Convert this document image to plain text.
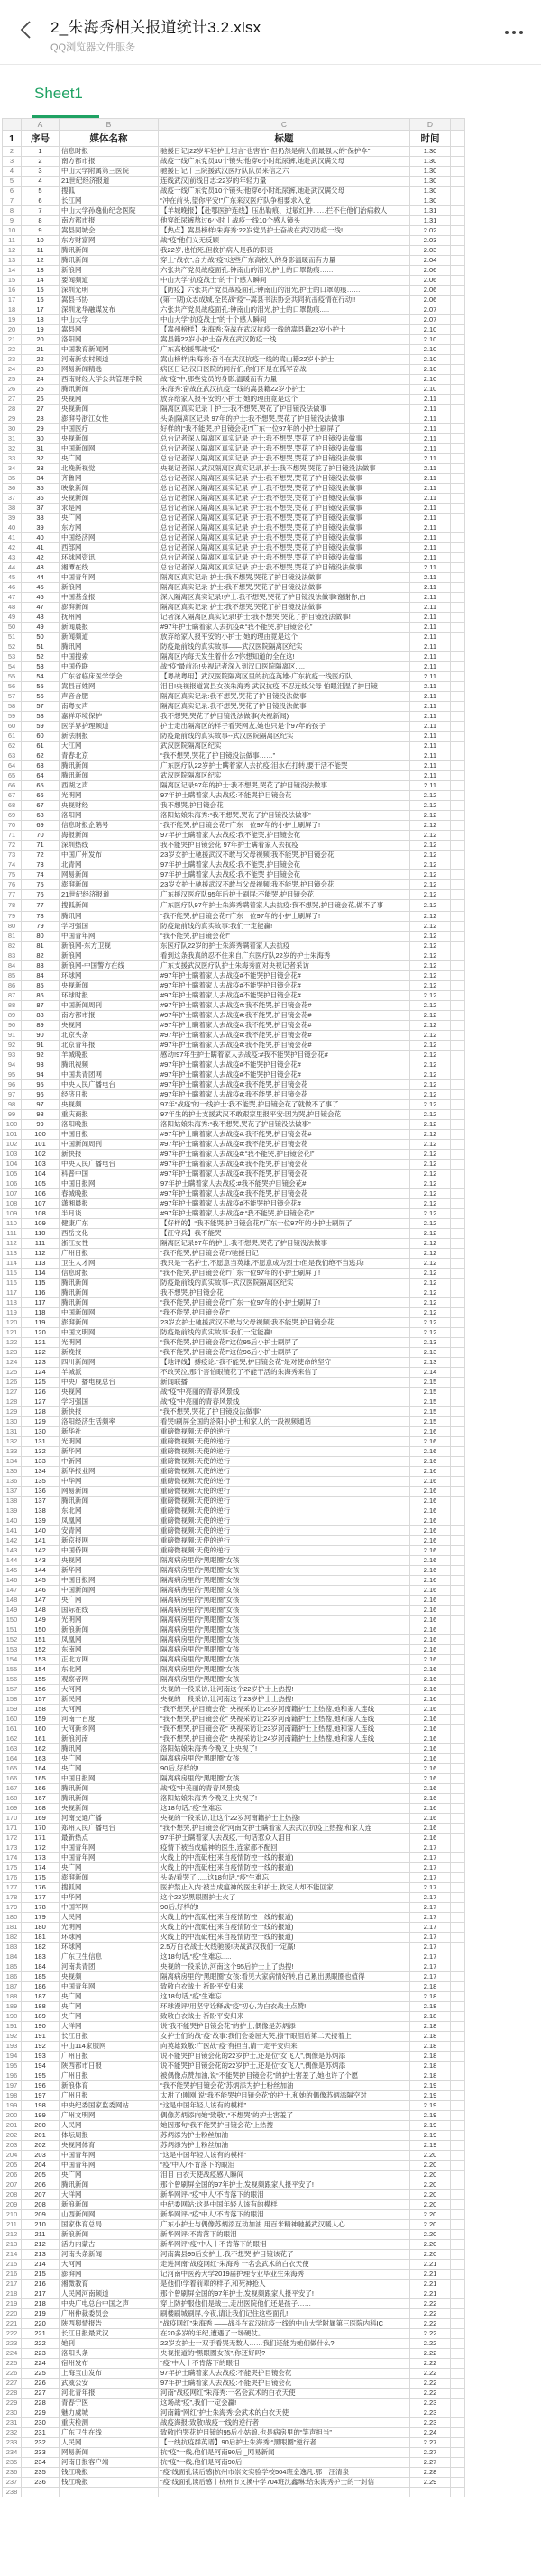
2_朱海秀相关报道统计3.2.xlsx
QQ浏览器文件服务
Sheet1
	A	B	C	D	
1	序号	媒体名称	标题	时间	
2	1	信息时报	驰援日记|22岁年轻护士坦言“也害怕” 但仍然是病人们最强大的“保护伞”	1.30	
3	2	南方都市报	战疫一线广东党员10个镜头:他穿6小时纸尿裤,她赴武汉瞒父母	1.30	
4	3	中山大学附属第三医院	驰援日记丨三院援武汉医疗队队员来信之六	1.30	
5	4	21世纪经济报道	连线武汉|前线日志:22岁的年轻力量	1.30	
6	5	搜狐	战疫一线广东党员10个镜头:他穿6小时纸尿裤,她赴武汉瞒父母	1.30	
7	6	长江网	“冲在前头,望你平安!”广东来汉医疗队争相要求入党	1.30	
8	7	中山大学孙逸仙纪念医院	【羊城晚报】【赴鄂医护连线】压出勒痕、过敏红肿……拦不住他们治病救人	1.31	
9	8	南方都市报	他穿纸尿裤熬过6小时丨战疫一线10个感人镜头	1.31	
10	9	嵩县同城会	【热点】嵩县榜样!朱海秀:22岁党员护士奋战在武汉防疫一线!	2.02	
11	10	东方财富网	战“疫”他们义无反顾	2.03	
12	11	腾讯新闻	我22岁,也怕死,但救护病人是我的职责	2.03	
13	12	腾讯新闻	穿上“战衣”,合力战“疫”!这些广东高校人的身影温暖而有力量	2.04	
14	13	新浪网	六张共产党员战疫面孔:钟南山的泪光,护士的口罩勒痕……	2.06	
15	14	要闻频道	中山大学“抗疫战士”的十个感人瞬间	2.06	
16	15	深圳光明	【防疫】六张共产党员战疫面孔:钟南山的泪光,护士的口罩勒痕……	2.06	
17	16	嵩县书协	(第一期)众志成城,全民战“疫”--嵩县书法协会共同抗击疫情在行动!!	2.06	
18	17	深圳龙华融媒发布	六张共产党员战疫面孔:钟南山的泪光,护士的口罩勒痕.....	2.07	
19	18	中山大学	中山大学“抗疫战士”的十个感人瞬间	2.07	
20	19	嵩县网	【嵩州榜样】朱海秀:奋战在武汉抗疫一线的嵩县籍22岁小护士	2.10	
21	20	洛阳网	嵩县籍22岁小护士奋战在武汉防疫一线	2.10	
22	21	中国教育新闻网	广东高校援鄂战“疫”	2.10	
23	22	河南新农村频道	嵩山榜样|朱海秀:奋斗在武汉抗疫一线的嵩山籍22岁小护士	2.10	
24	23	网易新闻精选	病区日记:汉口医院的同行们,你们不是在孤军奋战	2.10	
25	24	西南财经大学公共管理学院	战“疫”中,那些党员的身影,温暖而有力量	2.10	
26	25	腾讯新闻	朱海秀:奋战在武汉抗疫一线的嵩县籍22岁小护士	2.10	
27	26	央视网	放弃给家人报平安的小护士 她的理由竟是这个	2.11	
28	27	央视新闻	隔离区真实记录丨护士:我不想哭,哭花了护目镜没法做事	2.11	
29	28	澎湃号浙江女性	头条|隔离区记录 97年的护士:我不想哭,哭花了护目镜没法做事	2.11	
30	29	中国医疗	好样的|“我不能哭,护目镜会花!”广东一位97年的小护士刷屏了	2.11	
31	30	央视新闻	总台记者深入隔离区真实记录 护士:我不想哭,哭花了护目镜没法做事	2.11	
32	31	中国新闻网	总台记者深入隔离区真实记录 护士:我不想哭,哭花了护目镜没法做事	2.11	
33	32	央广网	总台记者深入隔离区真实记录 护士:我不想哭,哭花了护目镜没法做事	2.11	
34	33	北晚新视觉	央视记者深入武汉隔离区真实记录,护士:我不想哭,哭花了护目镜没法做事	2.11	
35	34	齐鲁网	总台记者深入隔离区真实记录 护士:我不想哭,哭花了护目镜没法做事	2.11	
36	35	映象新闻	总台记者深入隔离区真实记录 护士:我不想哭,哭花了护目镜没法做事	2.11	
37	36	央视新闻	总台记者深入隔离区真实记录 护士:我不想哭,哭花了护目镜没法做事	2.11	
38	37	求是网	总台记者深入隔离区真实记录 护士:我不想哭,哭花了护目镜没法做事	2.11	
39	38	央广网	总台记者深入隔离区真实记录 护士:我不想哭,哭花了护目镜没法做事	2.11	
40	39	东方网	总台记者深入隔离区真实记录 护士:我不想哭,哭花了护目镜没法做事	2.11	
41	40	中国经济网	总台记者深入隔离区真实记录 护士:我不想哭,哭花了护目镜没法做事	2.11	
42	41	西部网	总台记者深入隔离区真实记录 护士:我不想哭,哭花了护目镜没法做事	2.11	
43	42	环球网资讯	总台记者深入隔离区真实记录 护士:我不想哭,哭花了护目镜没法做事	2.11	
44	43	湘潭在线	总台记者深入隔离区真实记录 护士:我不想哭,哭花了护目镜没法做事	2.11	
45	44	中国青年网	隔离区真实记录 护士:我不想哭,哭花了护目镜没法做事	2.11	
46	45	新浪网	隔离区真实记录 护士:我不想哭,哭花了护目镜没法做事	2.11	
47	46	中国基金报	深入隔离区真实记录!护士:我不想哭,哭花了护目镜没法做事!谢谢你,白	2.11	
48	47	澎湃新闻	隔离区真实记录 护士:我不想哭,哭花了护目镜没法做事	2.11	
49	48	抚州网	记者深入隔离区真实记录!护士:我不想哭,哭花了护目镜没法做事!	2.11	
50	49	新闻晨报	#97年护士瞒着家人去抗疫#:“我不能哭,护目镜会花”	2.11	
51	50	新闻频道	放弃给家人报平安的小护士 她的理由竟是这个	2.11	
52	51	腾讯网	防疫最前线的真实故事——武汉医院隔离区纪实	2.11	
53	52	中国搜索	隔离区内每天发生着什么?你想知道的全在这!	2.11	
54	53	中国侨联	战“疫”最前沿!央视记者深入到汉口医院隔离区.....	2.11	
55	54	广东省临床医学学会	【粤战粤用】武汉医院隔离区里的抗疫英雄-广东抗疫一线医疗队	2.11	
56	55	嵩县百姓网	泪目!央视报道嵩县女孩朱海秀 武汉抗疫 不忍连线父母 怕眼泪湿了护目镜	2.11	
57	56	声音合肥	隔离区真实记录:我不想哭,哭花了护目镜没法做事	2.11	
58	57	南粤女声	隔离区真实记录:我不想哭,哭花了护目镜没法做事	2.11	
59	58	嘉祥环境保护	我不想哭,哭花了护目镜没法做事(央视新闻)	2.11	
60	59	医学界护理频道	护士走出隔离区的样子看哭网友,她也只是个97年的孩子	2.11	
61	60	新法制报	防疫最前线的真实故事--武汉医院隔离区纪实	2.11	
62	61	大江网	武汉医院隔离区纪实	2.11	
63	62	青春北京	“我不想哭,哭花了护目镜没法做事……”	2.11	
64	63	腾讯新闻	广东医疗队22岁护士瞒着家人去抗疫:泪水在打转,要干活不能哭	2.11	
65	64	腾讯新闻	武汉医院隔离区纪实	2.11	
66	65	西湖之声	隔离区记录97年的护士:我不想哭,哭花了护目镜没法做事	2.11	
67	66	光明网	97年护士瞒着家人去战疫:不能哭护目镜会花	2.12	
68	67	央视财经	我不想哭,护目镜会花	2.12	
69	68	洛阳网	洛阳姑娘朱海秀:“我不想哭,哭花了护目镜没法做事”	2.12	
70	69	信息时报企鹅号	“我不能哭,护目镜会花!”广东一位97年的小护士刷屏了!	2.12	
71	70	海报新闻	97年护士瞒着家人去战疫:我不能哭,护目镜会花	2.12	
72	71	深圳热线	我不能哭护目镜会花 97年护士瞒着家人去抗疫	2.12	
73	72	中国广州发布	23岁女护士驰援武汉不敢与父母视频:我不能哭,护目镜会花	2.12	
74	73	北青网	97年护士瞒着家人去战疫:我不能哭,护目镜会花	2.12	
75	74	网易新闻	97年护士瞒着家人去战疫:我不能哭 护目镜会花	2.12	
76	75	澎湃新闻	23岁女护士驰援武汉不敢与父母视频:我不能哭,护目镜会花	2.12	
77	76	21世纪经济报道	广东援汉医疗队95年后护士刷屏:不能哭,护目镜会花	2.12	
78	77	搜狐新闻	广东医疗队97年护士朱海秀瞒着家人去抗疫:我不想哭,护目镜会花,做不了事	2.12	
79	78	腾讯网	“我不能哭,护目镜会花!”广东一位97年的小护士刷屏了!	2.12	
80	79	学习强国	防疫最前线的真实故事:我们一定能赢!	2.12	
81	80	中国青年网	“我不能哭,护目镜会花!”	2.12	
82	81	新浪网-东方卫视	东医疗队22岁的护士朱海秀瞒着家人去抗疫	2.12	
83	82	新浪网	看到这条我真的忍不住来自广东医疗队22岁的护士朱海秀	2.12	
84	83	新浪网-中国警方在线	广东支援武汉医疗队护士朱海秀面对央视记者采访	2.12	
85	84	环球网	#97年护士瞒着家人去战疫#不能哭护目镜会花#	2.12	
86	85	央视新闻	#97年护士瞒着家人去战疫#不能哭护目镜会花#	2.12	
87	86	环球时报	#97年护士瞒着家人去战疫#不能哭护目镜会花#	2.12	
88	87	中国新闻周刊	#97年护士瞒着家人去战疫#:我不能哭,护目镜会花#	2.12	
89	88	南方都市报	#97年护士瞒着家人去战疫#:我不能哭,护目镜会花#	2.12	
90	89	央视网	#97年护士瞒着家人去战疫#:我不能哭,护目镜会花#	2.12	
91	90	北京头条	#97年护士瞒着家人去战疫#:我不能哭,护目镜会花#	2.12	
92	91	北京青年报	#97年护士瞒着家人去战疫#:我不能哭,护目镜会花#	2.12	
93	92	羊城晚报	感动!97年生护士瞒着家人去战疫:#我不能哭护目镜会花#	2.12	
94	93	腾讯视频	#97年护士瞒着家人去战疫#不能哭护目镜会花#	2.12	
95	94	中国共青团网	#97年护士瞒着家人去战疫#不能哭护目镜会花#	2.12	
96	95	中央人民广播电台	#97年护士瞒着家人去战疫#:我不能哭,护目镜会花	2.12	
97	96	经济日报	#97年护士瞒着家人去战疫#:我不能哭,护目镜会花	2.12	
98	97	央视频	97年“战疫”的一线护士:我不能哭,护目镜会花了就做不了事了	2.12	
99	98	重庆商报	97年生的护士支援武汉不敢跟家里报平安:因为哭,护目镜会花	2.12	
100	99	洛阳晚报	洛阳姑娘朱海秀:“我不想哭,哭花了护目镜没法做事”	2.12	
101	100	中国日报	#97年护士瞒着家人去战疫#:我不能哭,护目镜会花#	2.12	
102	101	中国新闻周刊	#97年护士瞒着家人去战疫#:我不能哭,护目镜会花	2.12	
103	102	新快报	#97年护士瞒着家人去战疫#:“我不能哭,护目镜会花!”	2.12	
104	103	中央人民广播电台	#97年护士瞒着家人去战疫#:我不能哭,护目镜会花	2.12	
105	104	科普中国	#97年护士瞒着家人去战疫#:我不能哭,护目镜会花	2.12	
106	105	中国日报网	97年护士瞒着家人去战疫:#我不能哭护目镜会花#	2.12	
107	106	春城晚报	#97年护士瞒着家人去战疫#:我不能哭,护目镜会花	2.12	
108	107	潇湘晨报	#97年护士瞒着家人去战疫#不能哭护目镜会花#	2.12	
109	108	半月谈	#97年护士瞒着家人去战疫#:“我不能哭,护目镜会花!”	2.12	
110	109	健康广东	【好样的】“我不能哭,护目镜会花!”广东一位97年的小护士刷屏了	2.12	
111	110	西岳文化	【汪守兵】我不能哭	2.12	
112	111	浙江女性	隔离区记录97年的护士:我不想哭,哭花了护目镜没法做事	2.12	
113	112	广州日报	“我不能哭,护目镜会花!”/驰援日记	2.12	
114	113	卫生人才网	我只是一名护士,不愿意当英雄,不愿意成为烈士!但是我们绝不当逃兵!	2.12	
115	114	信息时报	“我不能哭,护目镜会花!”广东一位97年的小护士刷屏了!	2.12	
116	115	腾讯新闻	防疫最前线的真实故事--武汉医院隔离区纪实	2.12	
117	116	腾讯新闻	我不想哭,护目镜会花	2.12	
118	117	腾讯新闻	“我不能哭,护目镜会花!”广东一位97年的小护士刷屏了!	2.12	
119	118	中国新闻网	“我不能哭,护目镜会花!”	2.12	
120	119	澎湃新闻	23岁女护士驰援武汉不敢与父母视频:我不能哭,护目镜会花	2.12	
121	120	中国文明网	防疫最前线的真实故事:我们一定能赢!	2.12	
122	121	光明网	“我不能哭,护目镜会花!”这位95后小护士刷屏了	2.13	
123	122	新晚报	“我不能哭,护目镜会花!”这位96后小护士刷屏了	2.13	
124	123	四川新闻网	【地评线】搏疫论:“我不能哭,护目镜会花”是对使命的坚守	2.13	
125	124	羊城派	不敢哭泣,那个害怕眼镜花了不能干活的朱海秀来信了	2.14	
126	125	中央广播电视总台	新闻联播	2.15	
127	126	央视网	战“疫”中亮丽的青春风景线	2.15	
128	127	学习强国	战“疫”中亮丽的青春风景线	2.15	
129	128	新快报	“我不想哭,哭花了护目镜没法做事”	2.15	
130	129	洛阳经济生活频率	看哭!刷屏全国的洛阳小护士和家人的一段视频通话	2.15	
131	130	新华社	重磅微视频:天使的逆行	2.16	
132	131	光明网	重磅微视频:天使的逆行	2.16	
133	132	新华网	重磅微视频:天使的逆行	2.16	
134	133	中新网	重磅微视频:天使的逆行	2.16	
135	134	新华报业网	重磅微视频:天使的逆行	2.16	
136	135	中华网	重磅微视频:天使的逆行	2.16	
137	136	网易新闻	重磅微视频:天使的逆行	2.16	
138	137	腾讯新闻	重磅微视频:天使的逆行	2.16	
139	138	东北网	重磅微视频:天使的逆行	2.16	
140	139	凤凰网	重磅微视频:天使的逆行	2.16	
141	140	安青网	重磅微视频:天使的逆行	2.16	
142	141	新京报网	重磅微视频:天使的逆行	2.16	
143	142	中国侨网	重磅微视频:天使的逆行	2.16	
144	143	央视网	隔离病房里的“黑眼圈”女孩	2.16	
145	144	新华网	隔离病房里的“黑眼圈”女孩	2.16	
146	145	中国日报网	隔离病房里的“黑眼圈”女孩	2.16	
147	146	中国新闻网	隔离病房里的“黑眼圈”女孩	2.16	
148	147	央广网	隔离病房里的“黑眼圈”女孩	2.16	
149	148	国际在线	隔离病房里的“黑眼圈”女孩	2.16	
150	149	光明网	隔离病房里的“黑眼圈”女孩	2.16	
151	150	新浪新闻	隔离病房里的“黑眼圈”女孩	2.16	
152	151	凤凰网	隔离病房里的“黑眼圈”女孩	2.16	
153	152	东南网	隔离病房里的“黑眼圈”女孩	2.16	
154	153	正北方网	隔离病房里的“黑眼圈”女孩	2.16	
155	154	东北网	隔离病房里的“黑眼圈”女孩	2.16	
156	155	观察者网	隔离病房里的“黑眼圈”女孩	2.16	
157	156	大河网	央视的一段采访,让河南这个22岁护士上热搜!	2.16	
158	157	新民网	央视的一段采访,让河南这个23岁护士上热搜!	2.16	
159	158	大河网	“我不想哭,护目镜会花” 央视采访让25岁河南籍护士上热搜,她和家人连线	2.16	
160	159	河南一百度	“我不想哭,护目镜会花” 央视采访让22岁河南籍护士上热搜,她和家人连线	2.16	
161	160	大河新乡网	“我不想哭,护目镜会花” 央视采访让23岁河南籍护士上热搜,她和家人连线	2.16	
162	161	新浪河南	“我不想哭,护目镜会花” 央视采访让24岁河南籍护士上热搜,她和家人连线	2.16	
163	162	腾讯网	洛阳姑娘朱海秀今晚又上央视了!	2.16	
164	163	央广网	隔离病房里的“黑眼圈”女孩	2.16	
165	164	央广网	90后,好样的!	2.16	
166	165	中国日报网	隔离病房里的“黑眼圈”女孩	2.16	
167	166	腾讯新闻	战“疫”中美丽的青春风景线	2.16	
168	167	腾讯新闻	洛阳姑娘朱海秀今晚又上央视了!	2.16	
169	168	央视新闻	这18句话,“疫”生难忘	2.16	
170	169	河南交通广播	央视的一段采访,让这个22岁河南籍护士上热搜!	2.16	
171	170	郑州人民广播电台	“我不想哭,护目镜会花”河南女护士瞒着家人去武汉抗疫上热搜,和家人连	2.16	
172	171	最新热点	97年护士瞒着家人去战疫,一句话惹众人泪目	2.16	
173	172	中国青年网	疫情下被当成瘟神的医生,连家都不配回	2.17	
174	173	中国青年网	火线上的中流砥柱(来自疫情防控一线的报道)	2.17	
175	174	央广网	火线上的中流砥柱(来自疫情防控一线的报道)	2.17	
176	175	澎湃新闻	头条/看哭了......这18句话,“疫”生难忘	2.17	
177	176	搜狐网	医护禁止入内:被当成瘟神的医生和护士,救完人却不能回家	2.17	
178	177	中华网	这个22岁黑眼圈护士火了	2.17	
179	178	中国军网	90后,好样的!	2.17	
180	179	人民网	火线上的中流砥柱(来自疫情防控一线的报道)	2.17	
181	180	光明网	火线上的中流砥柱(来自疫情防控一线的报道)	2.17	
182	181	环球网	火线上的中流砥柱(来自疫情防控一线的报道)	2.17	
183	182	环球网	2.5万白衣战士火线驰援!决战武汉我们一定赢!	2.17	
184	183	广东卫生信息	这18句话,“疫”生难忘.....	2.17	
185	184	河南共青团	央视的一段采访,河南这个95后护士上了热搜!	2.17	
186	185	央视频	隔离病房里的“黑眼圈”女孩:看见大家病情好转,自己累出黑眼圈也值得	2.17	
187	186	中国青年网	致敬白衣战士 祈盼平安归来	2.18	
188	187	央广网	这18句话,“疫”生难忘	2.18	
189	188	央广网	环球漫评/用坚守诠释战“疫”初心,为白衣战士点赞!	2.18	
190	189	央广网	致敬白衣战士 祈盼平安归来	2.18	
191	190	大洋网	说“我不能哭护目镜会花”的护士,偶像是苏炳添	2.18	
192	191	长江日报	女护士们的战“疫”故事:我们会委屈大哭,擦干眼泪后第二天接着上	2.18	
193	192	中山114家服网	向英雄致敬:广医战“疫”有担当,请一定平安归来!	2.18	
194	193	广州日报	说不能哭护目镜会花的22岁护士,还是位“女飞人”,偶像是苏炳添	2.18	
195	194	陕西都市日报	说不能哭护目镜会花的22岁护士,还是位“女飞人”,偶像是苏炳添	2.18	
196	195	广州日报	被偶像点赞加油,说“不能哭护目镜会花”的护士害羞了,她也许了个愿	2.18	
197	196	新浪体育	“我不能哭护目镜会花”苏炳添为护士粉丝加油	2.19	
198	197	广州日报	太甜了!刚刚,说“我不能哭护目镜会花”的护士,和她的偶像苏炳添隔空对	2.19	
199	198	中央纪委国家监委网站	“这是中国年轻人该有的模样”	2.19	
200	199	广州文明网	偶像苏炳添向她“致敬”,“不想哭”的护士害羞了	2.19	
201	200	人民网	她因那句“我不能哭护目镜会花”上热搜	2.19	
202	201	体坛周报	苏炳添为护士粉丝加油	2.19	
203	202	央视网体育	苏炳添为护士粉丝加油	2.19	
204	203	中国青年网	“这是中国年轻人该有的模样”	2.20	
205	204	中国青年网	“疫”中人/不肯落下的眼泪	2.20	
206	205	央广网	泪目 白衣天使战疫感人瞬间	2.20	
207	206	腾讯新闻	那个曾刷屏全国的97年护士,发视频跟家人报平安了!	2.20	
208	207	大洋网	新华网评·“疫”中人/不肯落下的眼泪	2.20	
209	208	新浪新闻	中纪委网站:这是中国年轻人该有的模样	2.20	
210	209	山西新闻网	新华网评·“疫”中人/不肯落下的眼泪	2.20	
211	210	国家体育总局	广东小护士与偶像苏炳添互动加油 用百米精神驰援武汉暖人心	2.20	
212	211	新浪新闻	新华网评:不肯落下的眼泪	2.20	
213	212	活力内蒙古	新华网评“疫”中人丨不肯落下的眼泪	2.20	
214	213	河南头条新闻	河南嵩县95后女护士:我不想哭,护目镜该花了	2.20	
215	214	大河网	走进河南“战疫网红”朱海秀 一名会武术的白衣天使	2.21	
216	215	澎湃网	记河南中医药大学2019届护理专业毕业生朱海秀	2.21	
217	216	湘微教育	是他们!学着前辈的样子,和死神抢人	2.21	
218	217	人民网河南频道	那个曾刷屏全国的97年护士,发视频跟家人报平安了!	2.21	
219	218	中央广电总台中国之声	穿上防护服他们是战士,走出医院他们还是孩子……	2.22	
220	219	广州仲裁委员会	刷楼刷城刷屏,今夜,请让我们记住这些面孔!	2.22	
221	220	陕西舆情报告	“战疫网红”朱海秀 ——战斗在武汉抗疫一线的中山大学附属第三医院内科IC	2.22	
222	221	长江日报最武汉	在20多岁的年纪,遭遇了一场硬仗。	2.22	
223	222	她刊	22岁女护士一双手看哭无数人……我们还能为她们做什么?	2.22	
224	223	洛阳头条	央视报道的“黑眼圈女孩”,你还好吗?	2.22	
225	224	宿州发布	“疫”中人丨不肯落下的眼泪	2.22	
226	225	上海宝山发布	97年护士瞒着家人去战疫:不能哭护目镜会花	2.22	
227	226	武威公安	97年护士瞒着家人去战疫:不能哭护目镜会花	2.22	
228	227	河北青年报	河南“战疫网红”朱海秀:一名会武术的白衣天使	2.22	
229	228	青春宁医	这场战“疫”,我们一定会赢!	2.23	
230	229	魅力虞城	河南籍“网红”护士朱海秀:会武术的白衣天使	2.23	
231	230	重庆检测	战疫海报:致敬!战疫一线的逆行者	2.23	
232	231	广东卫生在线	致敬|怕哭花护目镜的95后小姑娘,也是病房里的“笑声担当”	2.24	
233	232	人民网	【一线抗疫群英谱】90后护士朱海秀:“黑眼圈”逆行者	2.27	
234	233	网易新闻	抗“疫”一线,他们是河南90后!_网易新闻	2.27	
235	234	河南日报客户端	抗“疫”一线,他们是河南90后!	2.27	
236	235	钱江晚报	“疫”线面孔读后感|杭州市崇文实验学校504班金逸凡:那一汪清泉	2.28	
237	236	钱江晚报	“疫”线面孔读后感丨杭州市文溪中学704班沈鑫琳:给朱海秀护士的一封信	2.29	
238					
